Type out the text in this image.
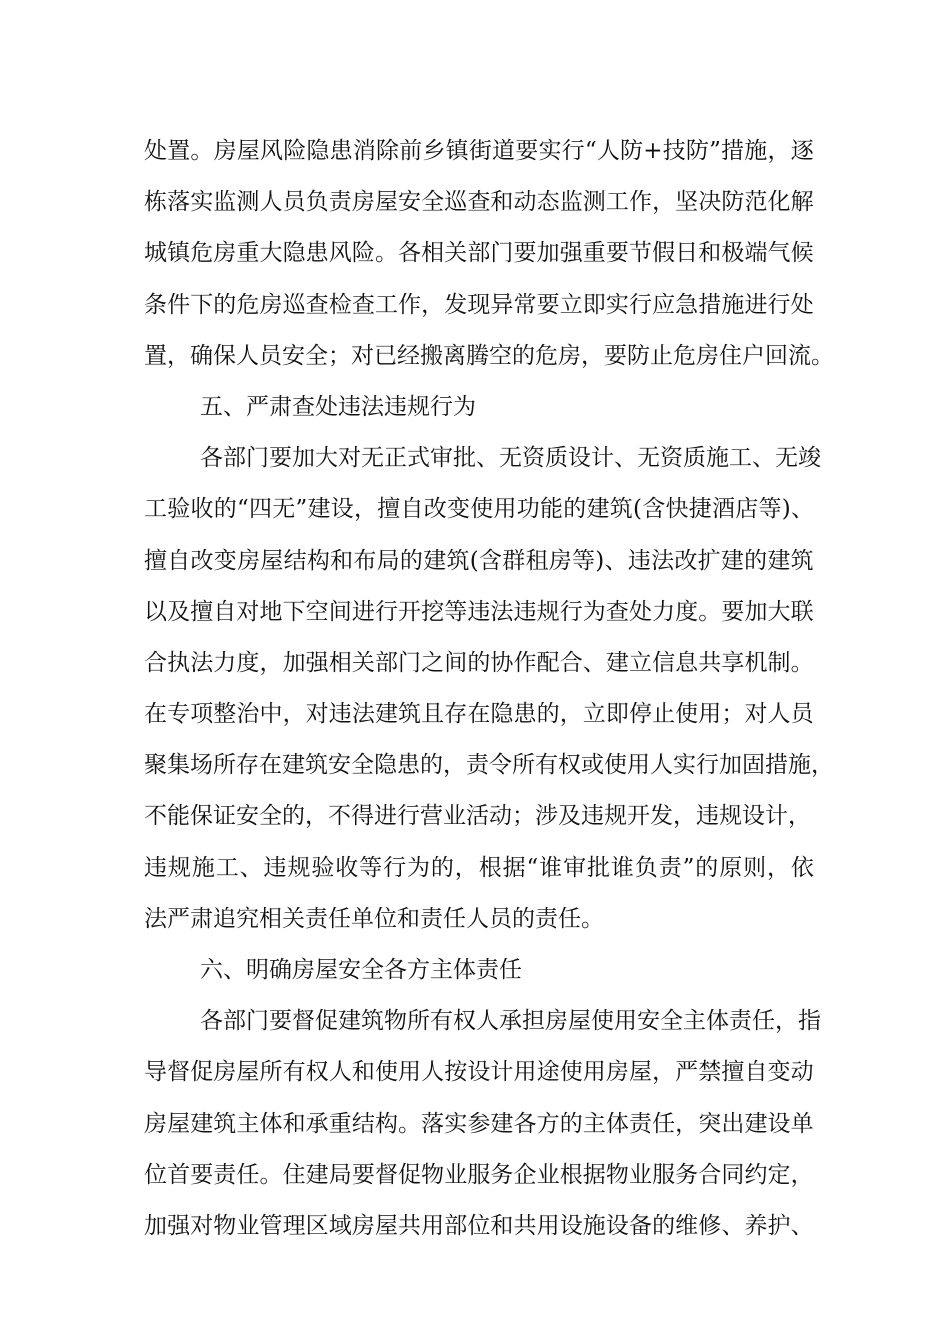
处 置 。 房 屋 风 险 隐 患 消 除 前 乡 镇 街 道 要 实 行 “ 人 防 + 技 防 ” 措 施 ， 逐
栋 落 实 监 测 人 员 负 责 房 屋 安 全 巡 查 和 动 态 监 测 工 作 ， 坚 决 防 范 化 解
城 镇 危 房 重 大 隐 患 风 险 。 各 相 关 部 门 要 加 强 重 要 节 假 日 和 极 端 气 候
条 件 下 的 危 房 巡 查 检 查 工 作 ， 发 现 异 常 要 立 即 实 行 应 急 措 施 进 行 处
置 ， 确 保 人 员 安 全 ； 对 已 经 搬 离 腾 空 的 危 房 ， 要 防 止 危 房 住 户 回 流 。
五、严肃查处违法违规行为
各 部 门 要 加 大 对 无 正 式 审 批 、 无 资 质 设 计 、 无 资 质 施 工 、 无 竣
工 验 收 的 “ 四 无 ” 建 设 ， 擅 自 改 变 使 用 功 能 的 建 筑 ( 含 快 捷 酒 店 等 ) 、
擅 自 改 变 房 屋 结 构 和 布 局 的 建 筑 ( 含 群 租 房 等 ) 、 违 法 改 扩 建 的 建 筑
以 及 擅 自 对 地 下 空 间 进 行 开 挖 等 违 法 违 规 行 为 查 处 力 度 。 要 加 大 联
合 执 法 力 度 ， 加 强 相 关 部 门 之 间 的 协 作 配 合 、 建 立 信 息 共 享 机 制 。
在 专 项 整 治 中 ， 对 违 法 建 筑 且 存 在 隐 患 的 ， 立 即 停 止 使 用 ； 对 人 员
聚 集 场 所 存 在 建 筑 安 全 隐 患 的 ， 责 令 所 有 权 或 使 用 人 实 行 加 固 措 施 ，
不能保证安全的，不得进行营业活动；涉及违规开发，违规设计，
违 规 施 工 、 违 规 验 收 等 行 为 的 ， 根 据 “ 谁 审 批 谁 负 责 ” 的 原 则 ， 依
法严肃追究相关责任单位和责任人员的责任。
六、明确房屋安全各方主体责任
各 部 门 要 督 促 建 筑 物 所 有 权 人 承 担 房 屋 使 用 安 全 主 体 责 任 ， 指
导 督 促 房 屋 所 有 权 人 和 使 用 人 按 设 计 用 途 使 用 房 屋 ， 严 禁 擅 自 变 动
房 屋 建 筑 主 体 和 承 重 结 构 。 落 实 参 建 各 方 的 主 体 责 任 ， 突 出 建 设 单
位 首 要 责 任 。 住 建 局 要 督 促 物 业 服 务 企 业 根 据 物 业 服 务 合 同 约 定 ，
加 强 对 物 业 管 理 区 域 房 屋 共 用 部 位 和 共 用 设 施 设 备 的 维 修 、 养 护 、
